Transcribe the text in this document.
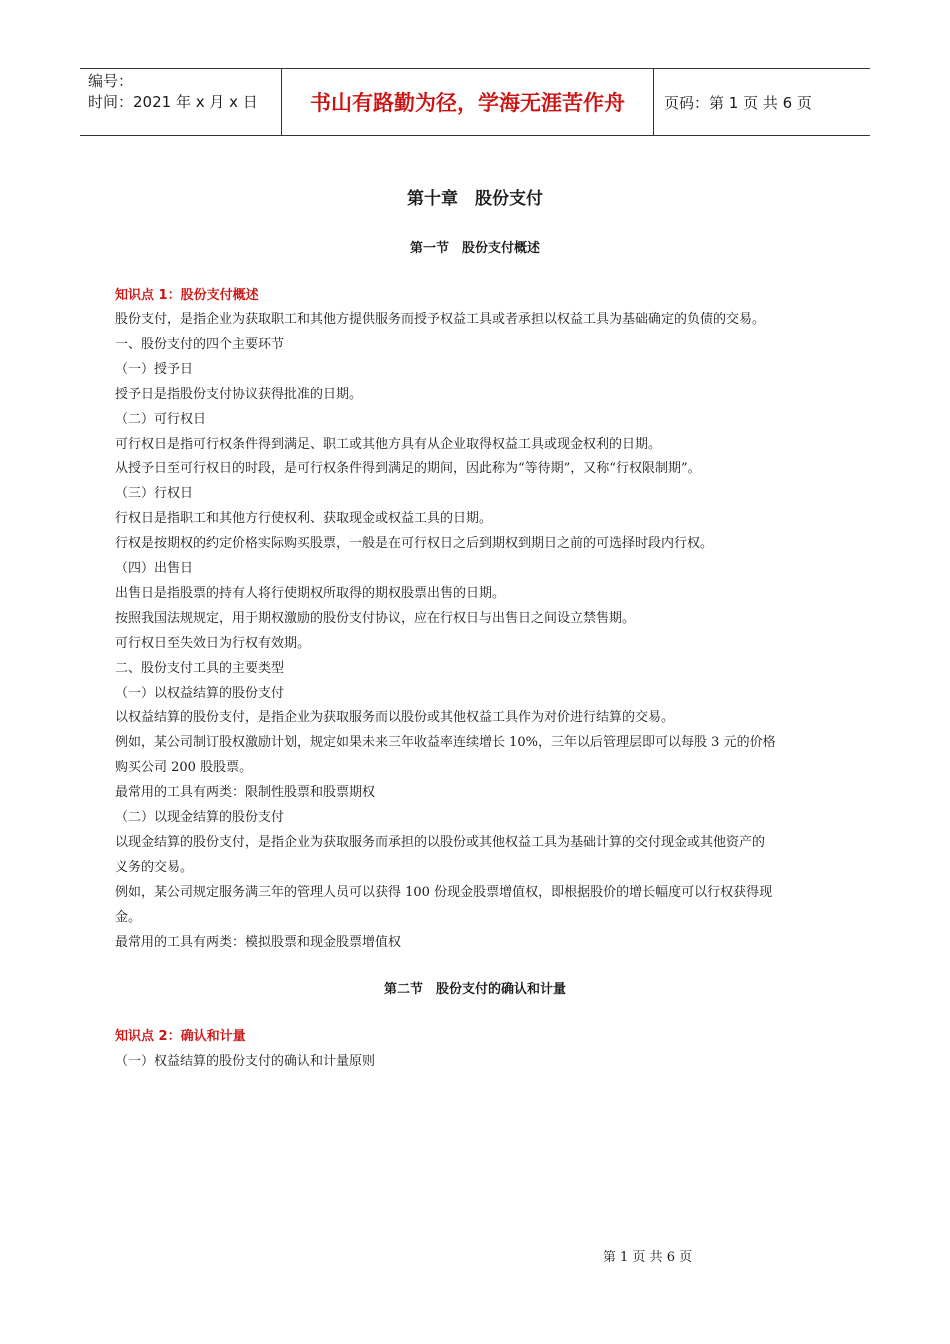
编号：
时间：2021 年 x 月 x 日	书山有路勤为径，学海无涯苦作舟	页码：第 1 页 共 6 页
第十章　股份支付
第一节　股份支付概述
知识点 1：股份支付概述
股份支付，是指企业为获取职工和其他方提供服务而授予权益工具或者承担以权益工具为基础确定的负债的交易。
一、股份支付的四个主要环节
（一）授予日
授予日是指股份支付协议获得批准的日期。
（二）可行权日
可行权日是指可行权条件得到满足、职工或其他方具有从企业取得权益工具或现金权利的日期。
从授予日至可行权日的时段，是可行权条件得到满足的期间，因此称为“等待期”，又称“行权限制期”。
（三）行权日
行权日是指职工和其他方行使权利、获取现金或权益工具的日期。
行权是按期权的约定价格实际购买股票，一般是在可行权日之后到期权到期日之前的可选择时段内行权。
（四）出售日
出售日是指股票的持有人将行使期权所取得的期权股票出售的日期。
按照我国法规规定，用于期权激励的股份支付协议，应在行权日与出售日之间设立禁售期。
可行权日至失效日为行权有效期。
二、股份支付工具的主要类型
（一）以权益结算的股份支付
以权益结算的股份支付，是指企业为获取服务而以股份或其他权益工具作为对价进行结算的交易。
例如，某公司制订股权激励计划，规定如果未来三年收益率连续增长 10%，三年以后管理层即可以每股 3 元的价格
购买公司 200 股股票。
最常用的工具有两类：限制性股票和股票期权
（二）以现金结算的股份支付
以现金结算的股份支付，是指企业为获取服务而承担的以股份或其他权益工具为基础计算的交付现金或其他资产的
义务的交易。
例如，某公司规定服务满三年的管理人员可以获得 100 份现金股票增值权，即根据股价的增长幅度可以行权获得现
金。
最常用的工具有两类：模拟股票和现金股票增值权
第二节　股份支付的确认和计量
知识点 2：确认和计量
（一）权益结算的股份支付的确认和计量原则
第 1 页 共 6 页
